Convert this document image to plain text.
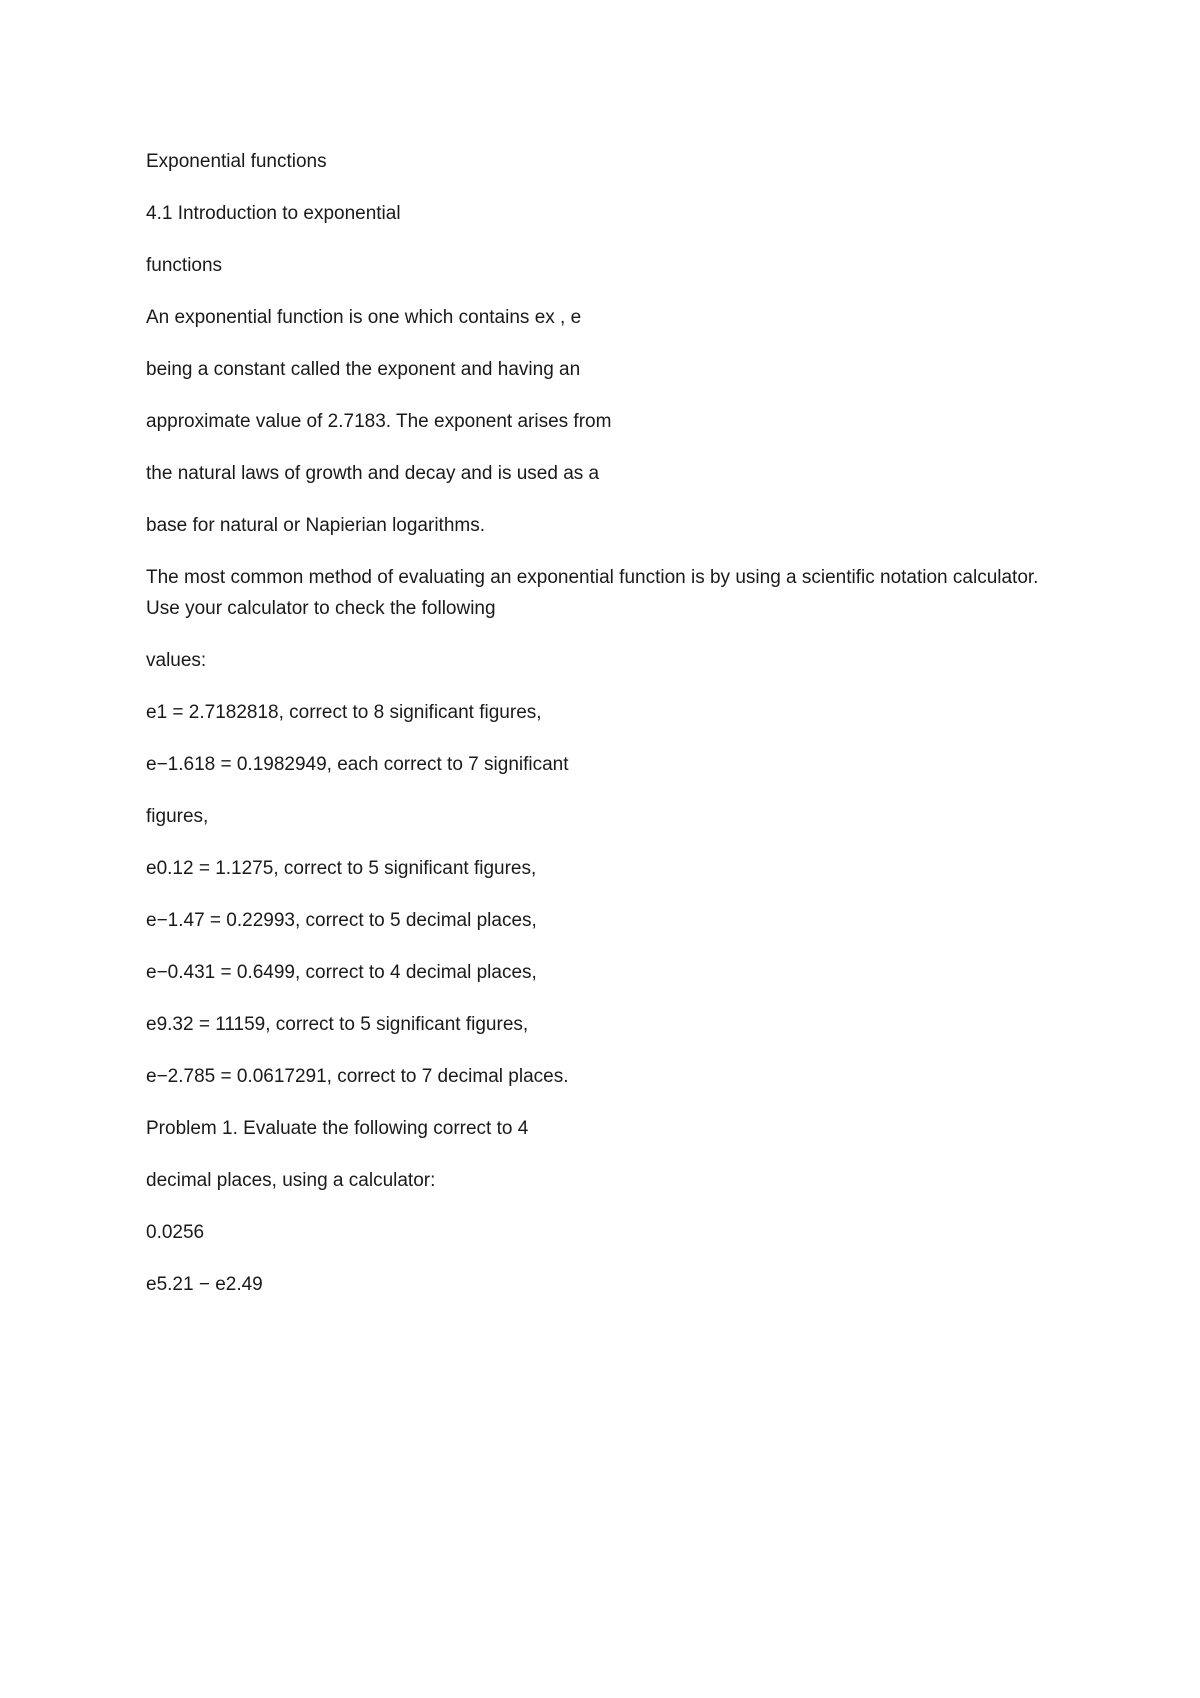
Exponential functions

4.1 Introduction to exponential

functions

An exponential function is one which contains ex , e

being a constant called the exponent and having an

approximate value of 2.7183. The exponent arises from

the natural laws of growth and decay and is used as a

base for natural or Napierian logarithms.

The most common method of evaluating an exponential function is by using a scientific notation calculator. Use your calculator to check the following

values:

e1 = 2.7182818, correct to 8 significant figures,

e−1.618 = 0.1982949, each correct to 7 significant

figures,

e0.12 = 1.1275, correct to 5 significant figures,

e−1.47 = 0.22993, correct to 5 decimal places,

e−0.431 = 0.6499, correct to 4 decimal places,

e9.32 = 11159, correct to 5 significant figures,

e−2.785 = 0.0617291, correct to 7 decimal places.

Problem 1. Evaluate the following correct to 4

decimal places, using a calculator:

0.0256

e5.21 − e2.49
